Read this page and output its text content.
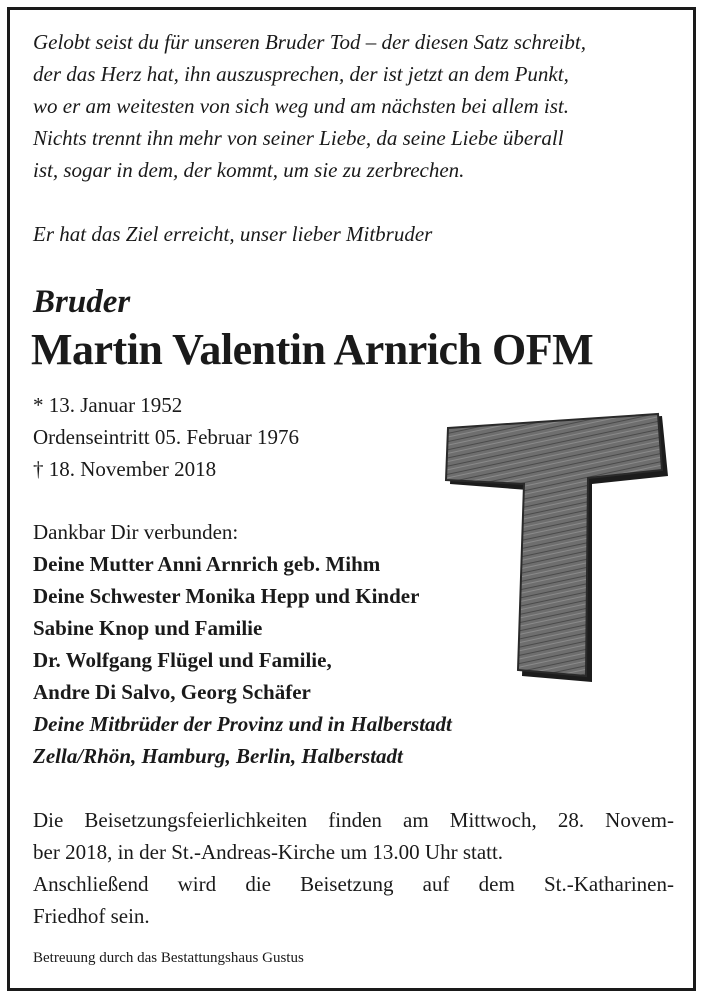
Gelobt seist du für unseren Bruder Tod – der diesen Satz schreibt,
der das Herz hat, ihn auszusprechen, der ist jetzt an dem Punkt,
wo er am weitesten von sich weg und am nächsten bei allem ist.
Nichts trennt ihn mehr von seiner Liebe, da seine Liebe überall
ist, sogar in dem, der kommt, um sie zu zerbrechen.
Er hat das Ziel erreicht, unser lieber Mitbruder
Bruder
Martin Valentin Arnrich OFM
* 13. Januar 1952
Ordenseintritt 05. Februar 1976
† 18. November 2018
Dankbar Dir verbunden:
Deine Mutter Anni Arnrich geb. Mihm
Deine Schwester Monika Hepp und Kinder
Sabine Knop und Familie
Dr. Wolfgang Flügel und Familie,
Andre Di Salvo, Georg Schäfer
Deine Mitbrüder der Provinz und in Halberstadt
Zella/Rhön, Hamburg, Berlin, Halberstadt
Die Beisetzungsfeierlichkeiten finden am Mittwoch, 28. Novem-
ber 2018, in der St.-Andreas-Kirche um 13.00 Uhr statt.
Anschließend wird die Beisetzung auf dem St.-Katharinen-
Friedhof sein.
Betreuung durch das Bestattungshaus Gustus
